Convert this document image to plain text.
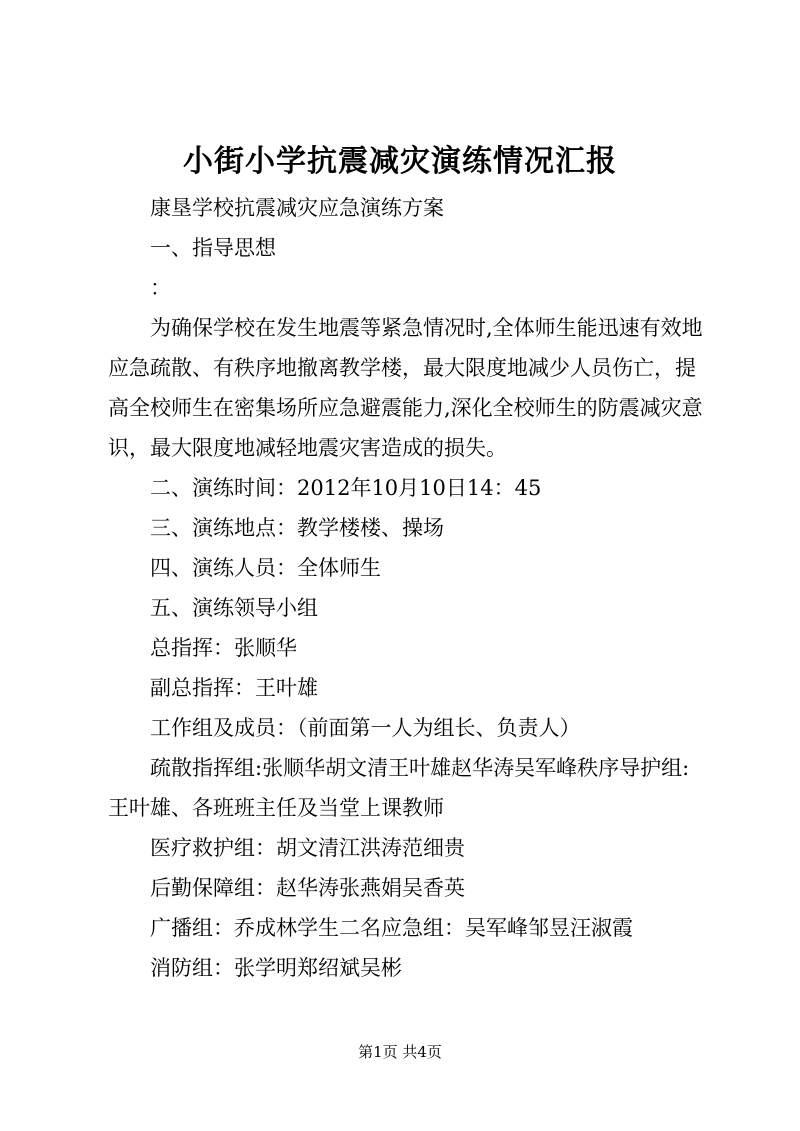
小街小学抗震减灾演练情况汇报
康垦学校抗震减灾应急演练方案
一、指导思想
：
为确保学校在发生地震等紧急情况时,全体师生能迅速有效地应急疏散、有秩序地撤离教学楼，最大限度地减少人员伤亡，提高全校师生在密集场所应急避震能力,深化全校师生的防震减灾意识，最大限度地减轻地震灾害造成的损失。
二、演练时间：2012年10月10日14：45
三、演练地点：教学楼楼、操场
四、演练人员：全体师生
五、演练领导小组
总指挥：张顺华
副总指挥：王叶雄
工作组及成员：（前面第一人为组长、负责人）
疏散指挥组:张顺华胡文清王叶雄赵华涛吴军峰秩序导护组:王叶雄、各班班主任及当堂上课教师
医疗救护组：胡文清江洪涛范细贵
后勤保障组：赵华涛张燕娟吴香英
广播组：乔成林学生二名应急组：吴军峰邹昱汪淑霞
消防组：张学明郑绍斌吴彬
第1页 共4页
